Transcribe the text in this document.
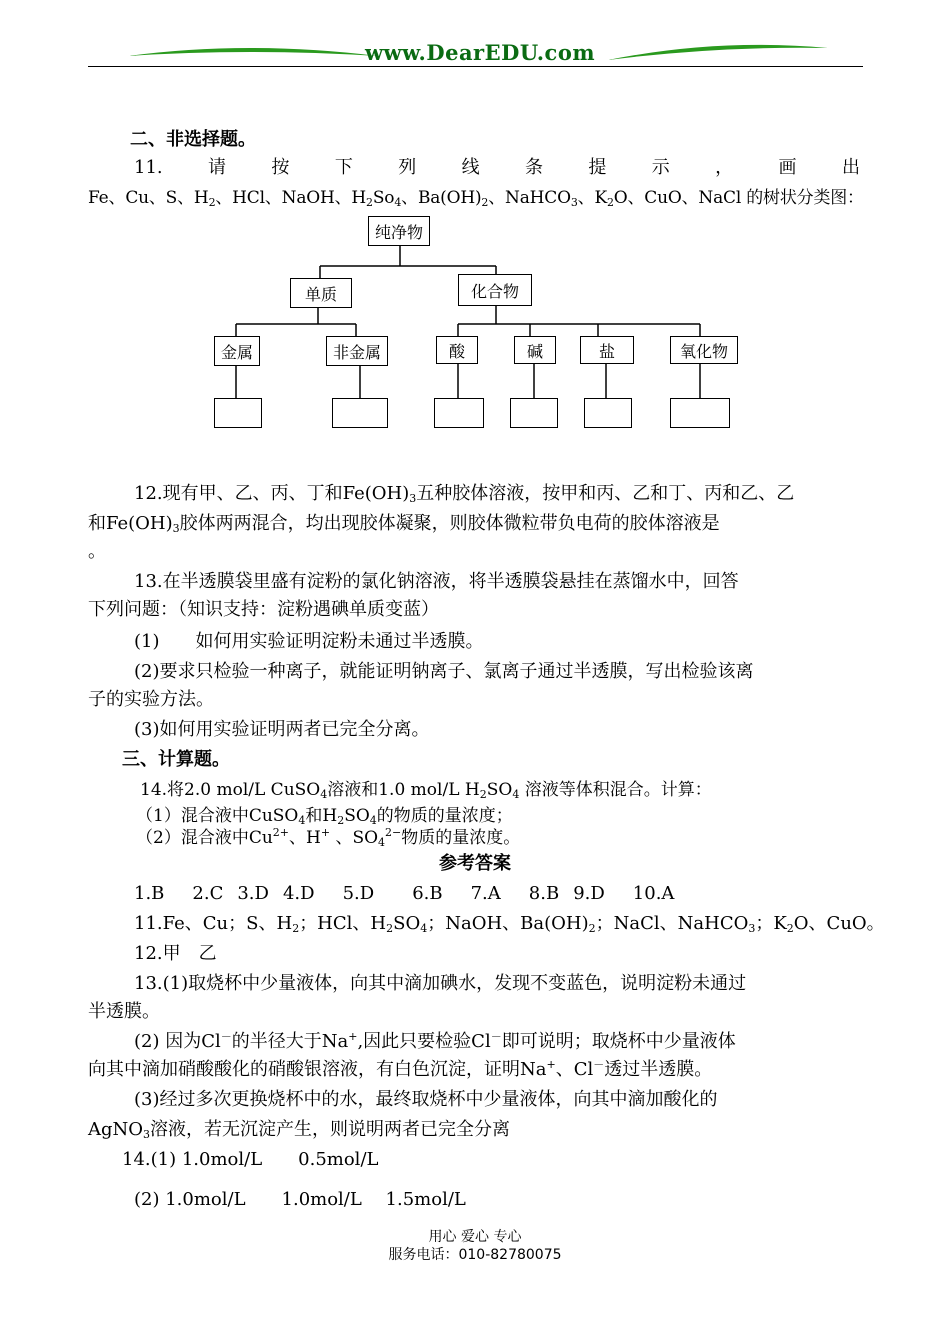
www.DearEDU.com
二、非选择题。
11.	请	按	下	列	线	条	提	示	，	画	出
Fe、Cu、S、$H_2$、HCl、NaOH、$H_2So_4$、$Ba(OH)_2$、NaHCO$_3$、$K_2O$、CuO、NaCl 的树状分类图：
纯净物
单质	化合物
金属	非金属	酸	碱	盐	氧化物
12.现有甲、乙、丙、丁和$Fe(OH)_3$五种胶体溶液，按甲和丙、乙和丁、丙和乙、乙
和$Fe(OH)_3$胶体两两混合，均出现胶体凝聚，则胶体微粒带负电荷的胶体溶液是
。
13.在半透膜袋里盛有淀粉的氯化钠溶液，将半透膜袋悬挂在蒸馏水中，回答
下列问题：（知识支持：淀粉遇碘单质变蓝）
(1)　　如何用实验证明淀粉未通过半透膜。
(2)要求只检验一种离子，就能证明钠离子、氯离子通过半透膜，写出检验该离
子的实验方法。
(3)如何用实验证明两者已完全分离。
三、计算题。
14.将2.0 mol/L CuSO$_4$溶液和1.0 mol/L $H_2SO_4$ 溶液等体积混合。计算：
（1）混合液中CuSO$_4$和$H_2SO_4$的物质的量浓度；
（2）混合液中$Cu^{2+}$、H+ 、$SO_4^{2-}$物质的量浓度。
参考答案
1.B 2.C 3.D 4.D 5.D 6.B 7.A 8.B 9.D 10.A
11.Fe、Cu；S、$H_2$；HCl、$H_2SO_4$；NaOH、$Ba(OH)_2$；NaCl、NaHCO$_3$；$K_2O$、CuO。
12.甲　乙
13.(1)取烧杯中少量液体，向其中滴加碘水，发现不变蓝色，说明淀粉未通过
半透膜。
(2) 因为Cl－的半径大于Na+,因此只要检验Cl－即可说明；取烧杯中少量液体
向其中滴加硝酸酸化的硝酸银溶液，有白色沉淀，证明Na+、Cl－透过半透膜。
(3)经过多次更换烧杯中的水，最终取烧杯中少量液体，向其中滴加酸化的
AgNO$_3$溶液，若无沉淀产生，则说明两者已完全分离
14.(1) 1.0mol/L　　0.5mol/L
(2) 1.0mol/L　　1.0mol/L　 1.5mol/L
用心 爱心 专心
服务电话：010-82780075
